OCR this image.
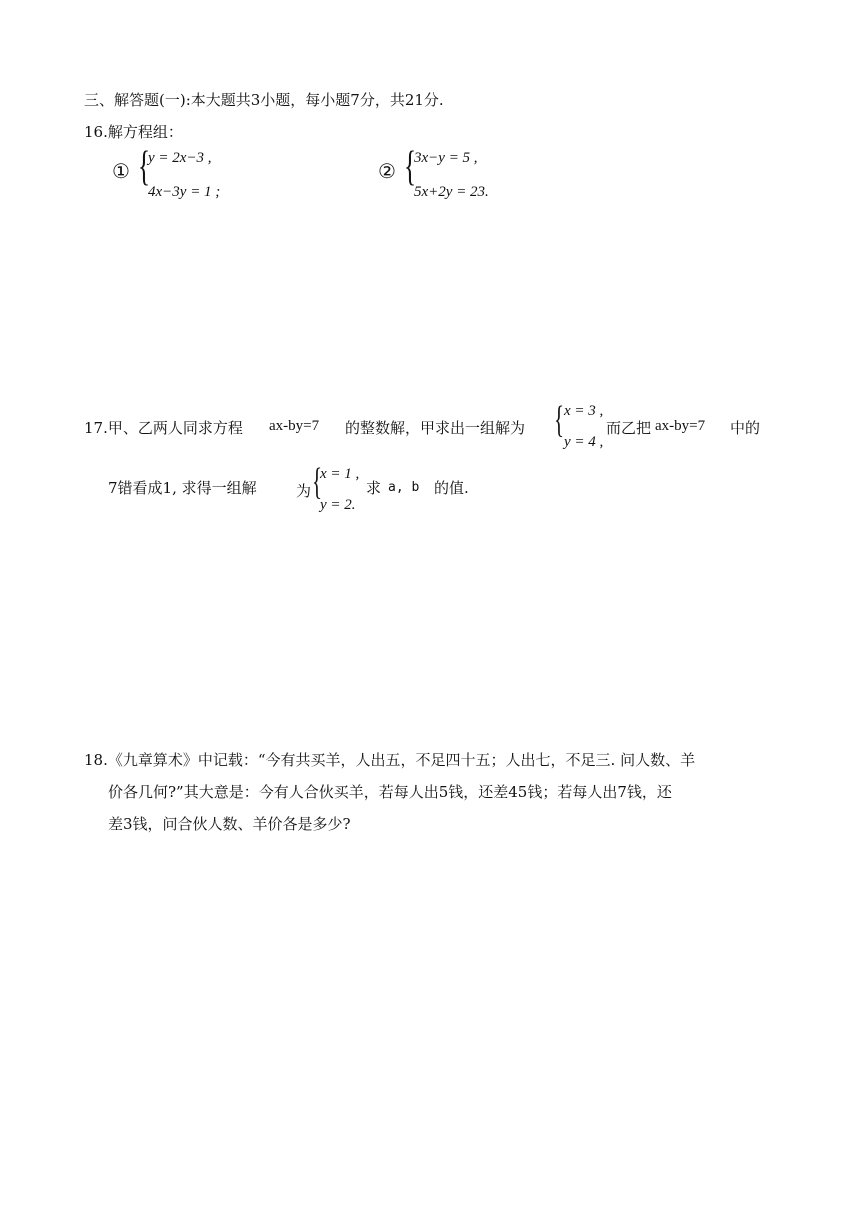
三、解答题(一):本大题共3小题，每小题7分，共21分.
16.解方程组：
① {
y = 2x−3 ,
4x−3y = 1 ;
② {
3x−y = 5 ,
5x+2y = 23.
17.甲、乙两人同求方程 ax-by=7 的整数解，甲求出一组解为 { x = 3 ,
y = 4 ,
而乙把 ax-by=7 中的
7错看成1, 求得一组解	为 {
x = 1 ,
y = 2.
求 a, b 的值.
18.《九章算术》中记载：“今有共买羊，人出五，不足四十五；人出七，不足三. 问人数、羊
价各几何?”其大意是：今有人合伙买羊，若每人出5钱，还差45钱；若每人出7钱，还
差3钱，问合伙人数、羊价各是多少?
